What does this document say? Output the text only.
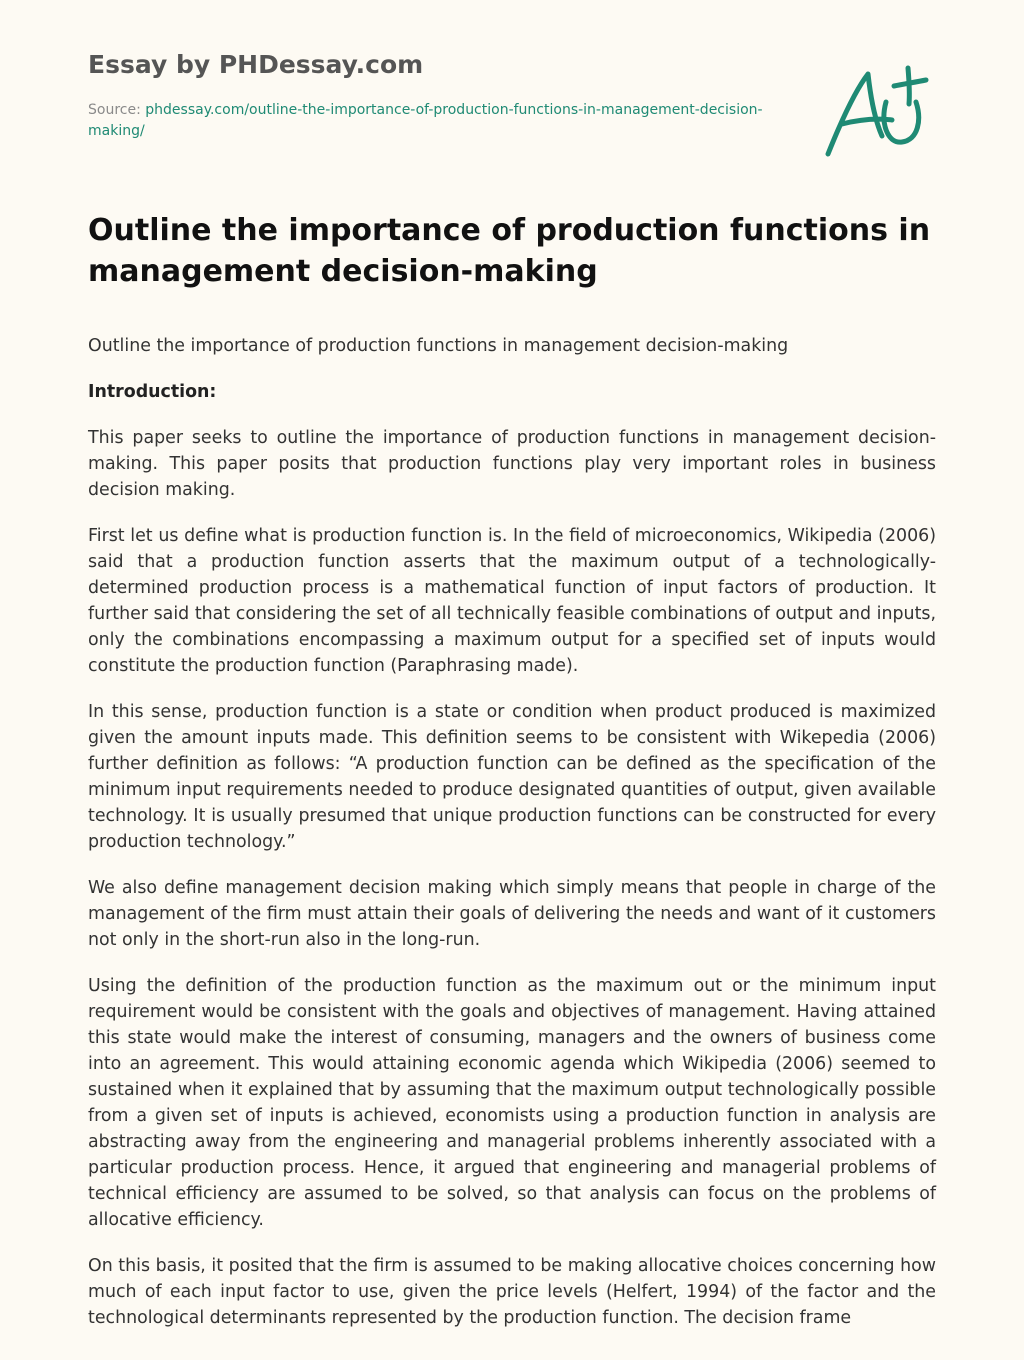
Essay by PHDessay.com
Source: phdessay.com/outline-the-importance-of-production-functions-in-management-decision-making/
Outline the importance of production functions in management decision-making

Outline the importance of production functions in management decision-making

Introduction:

This paper seeks to outline the importance of production functions in management decision-making. This paper posits that production functions play very important roles in business decision making.

First let us define what is production function is. In the field of microeconomics, Wikipedia (2006) said that a production function asserts that the maximum output of a technologically-determined production process is a mathematical function of input factors of production. It further said that considering the set of all technically feasible combinations of output and inputs, only the combinations encompassing a maximum output for a specified set of inputs would constitute the production function (Paraphrasing made).

In this sense, production function is a state or condition when product produced is maximized given the amount inputs made. This definition seems to be consistent with Wikepedia (2006) further definition as follows: “A production function can be defined as the specification of the minimum input requirements needed to produce designated quantities of output, given available technology. It is usually presumed that unique production functions can be constructed for every production technology.”

We also define management decision making which simply means that people in charge of the management of the firm must attain their goals of delivering the needs and want of it customers not only in the short-run also in the long-run.

Using the definition of the production function as the maximum out or the minimum input requirement would be consistent with the goals and objectives of management. Having attained this state would make the interest of consuming, managers and the owners of business come into an agreement. This would attaining economic agenda which Wikipedia (2006) seemed to sustained when it explained that by assuming that the maximum output technologically possible from a given set of inputs is achieved, economists using a production function in analysis are abstracting away from the engineering and managerial problems inherently associated with a particular production process. Hence, it argued that engineering and managerial problems of technical efficiency are assumed to be solved, so that analysis can focus on the problems of allocative efficiency.

On this basis, it posited that the firm is assumed to be making allocative choices concerning how much of each input factor to use, given the price levels (Helfert, 1994) of the factor and the technological determinants represented by the production function. The decision frame
